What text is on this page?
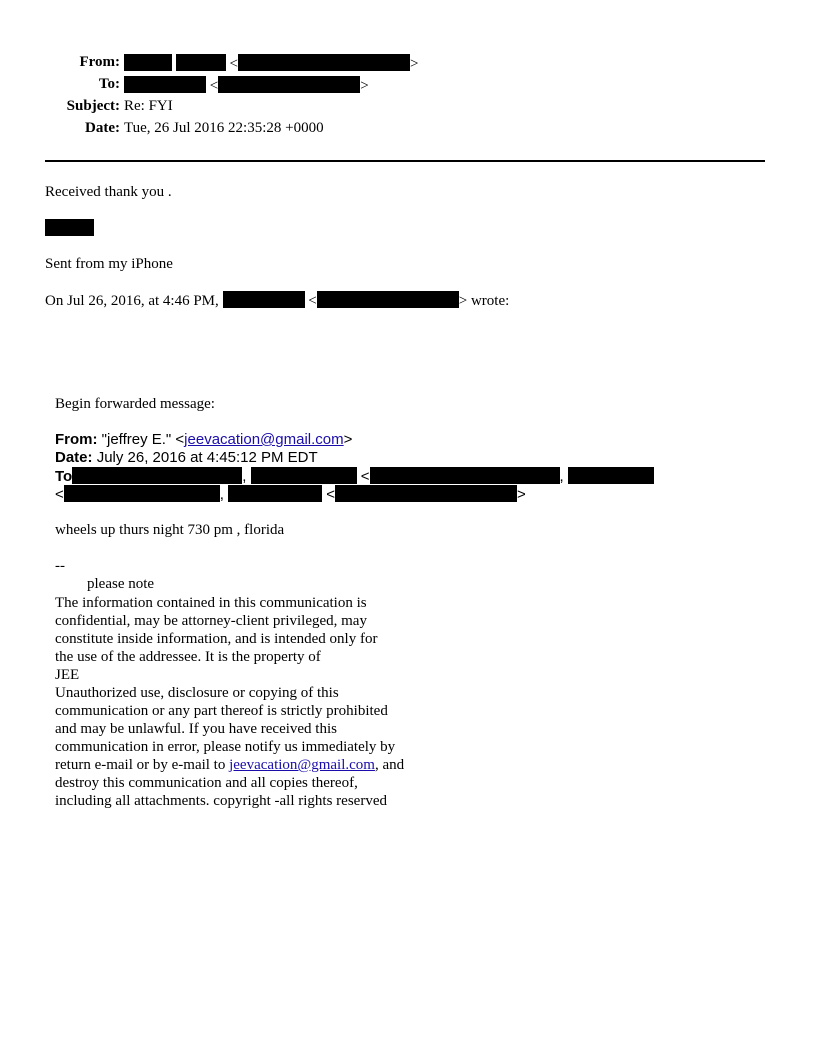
From:	<	>
To:	<	>
Subject: Re: FYI
Date: Tue, 26 Jul 2016 22:35:28 +0000
Received thank you .
Sent from my iPhone
On Jul 26, 2016, at 4:46 PM,	<	> wrote:
Begin forwarded message:
From: "jeffrey E." <jeevacation@gmail.com>
Date: July 26, 2016 at 4:45:12 PM EDT
To	,	<	,
<	,	<	>
wheels up thurs night 730 pm , florida
--
please note
The information contained in this communication is
confidential, may be attorney-client privileged, may
constitute inside information, and is intended only for
the use of the addressee. It is the property of
JEE
Unauthorized use, disclosure or copying of this
communication or any part thereof is strictly prohibited
and may be unlawful. If you have received this
communication in error, please notify us immediately by
return e-mail or by e-mail to jeevacation@gmail.com, and
destroy this communication and all copies thereof,
including all attachments. copyright -all rights reserved
